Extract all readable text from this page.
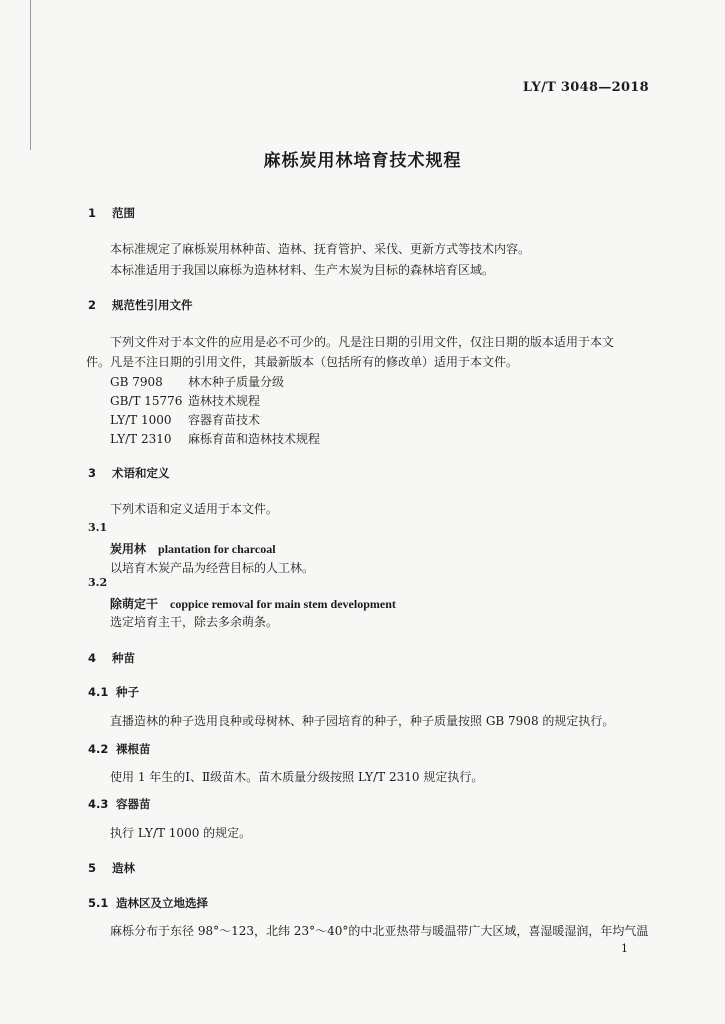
LY/T 3048—2018
麻栎炭用林培育技术规程
1 范围
本标准规定了麻栎炭用林种苗、造林、抚育管护、采伐、更新方式等技术内容。
本标准适用于我国以麻栎为造林材料、生产木炭为目标的森林培育区域。
2 规范性引用文件
下列文件对于本文件的应用是必不可少的。凡是注日期的引用文件，仅注日期的版本适用于本文
件。凡是不注日期的引用文件，其最新版本（包括所有的修改单）适用于本文件。
GB 7908 林木种子质量分级
GB/T 15776 造林技术规程
LY/T 1000 容器育苗技术
LY/T 2310 麻栎育苗和造林技术规程
3 术语和定义
下列术语和定义适用于本文件。
3.1
炭用林 plantation for charcoal
以培育木炭产品为经营目标的人工林。
3.2
除萌定干 coppice removal for main stem development
选定培育主干，除去多余萌条。
4 种苗
4.1 种子
直播造林的种子选用良种或母树林、种子园培育的种子，种子质量按照 GB 7908 的规定执行。
4.2 裸根苗
使用 1 年生的Ⅰ、Ⅱ级苗木。苗木质量分级按照 LY/T 2310 规定执行。
4.3 容器苗
执行 LY/T 1000 的规定。
5 造林
5.1 造林区及立地选择
麻栎分布于东径 98°～123，北纬 23°～40°的中北亚热带与暖温带广大区域，喜湿暖湿润，年均气温
1
